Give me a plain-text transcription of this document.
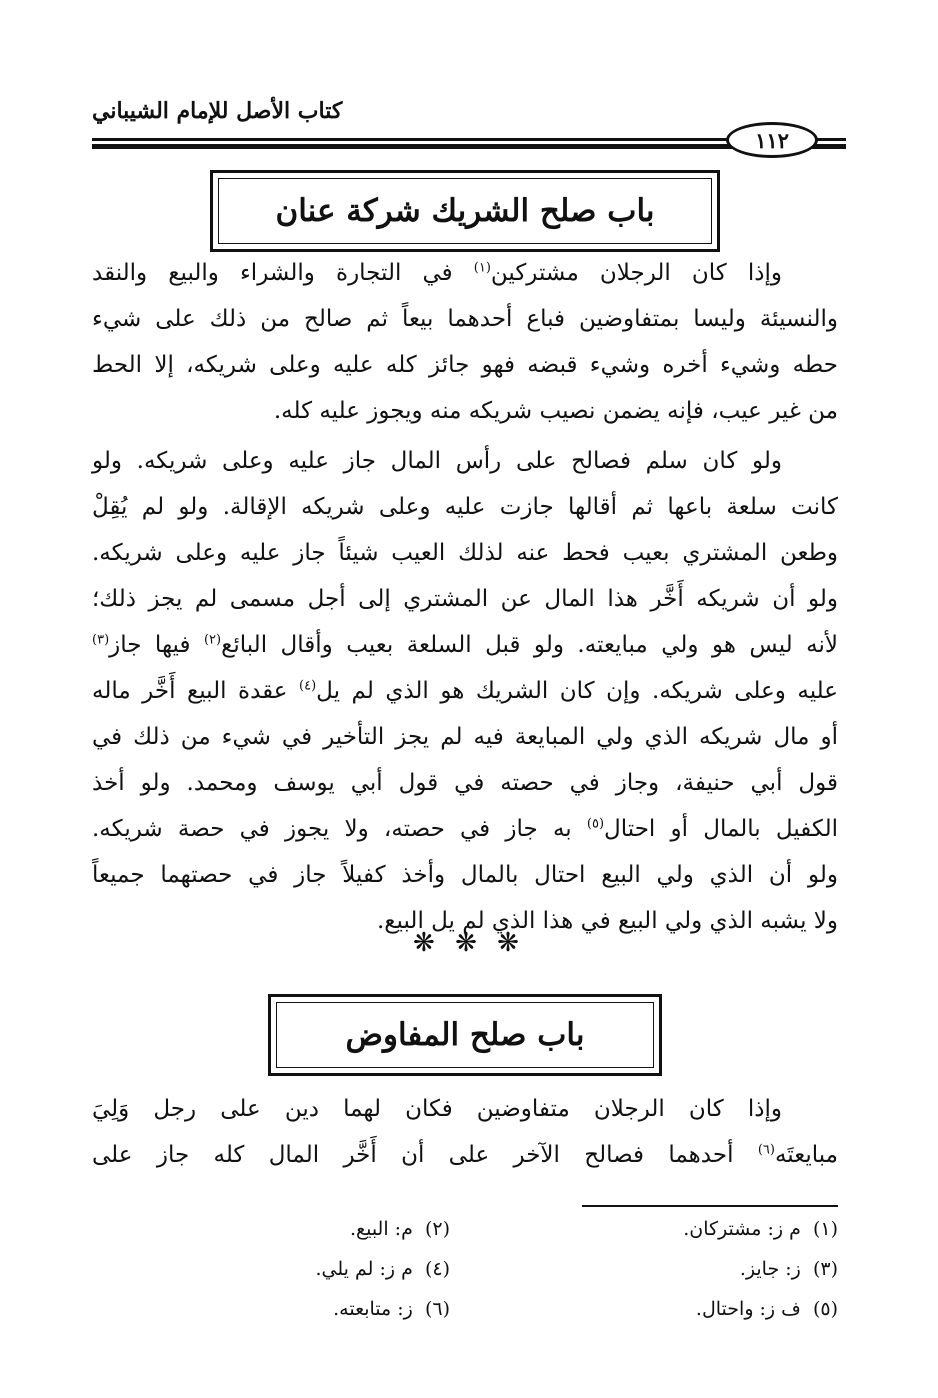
كتاب الأصل للإمام الشيباني
١١٢
باب صلح الشريك شركة عنان
وإذا كان الرجلان مشتركين$^{(١)}$ في التجارة والشراء والبيع والنقد
والنسيئة وليسا بمتفاوضين فباع أحدهما بيعاً ثم صالح من ذلك على شيء
حطه وشيء أخره وشيء قبضه فهو جائز كله عليه وعلى شريكه، إلا الحط
من غير عيب، فإنه يضمن نصيب شريكه منه ويجوز عليه كله.
ولو كان سلم فصالح على رأس المال جاز عليه وعلى شريكه. ولو
كانت سلعة باعها ثم أقالها جازت عليه وعلى شريكه الإقالة. ولو لم يُقِلْ
وطعن المشتري بعيب فحط عنه لذلك العيب شيئاً جاز عليه وعلى شريكه.
ولو أن شريكه أَخَّر هذا المال عن المشتري إلى أجل مسمى لم يجز ذلك؛
لأنه ليس هو ولي مبايعته. ولو قبل السلعة بعيب وأقال البائع$^{(٢)}$ فيها جاز$^{(٣)}$
عليه وعلى شريكه. وإن كان الشريك هو الذي لم يل$^{(٤)}$ عقدة البيع أَخَّر ماله
أو مال شريكه الذي ولي المبايعة فيه لم يجز التأخير في شيء من ذلك في
قول أبي حنيفة، وجاز في حصته في قول أبي يوسف ومحمد. ولو أخذ
الكفيل بالمال أو احتال$^{(٥)}$ به جاز في حصته، ولا يجوز في حصة شريكه.
ولو أن الذي ولي البيع احتال بالمال وأخذ كفيلاً جاز في حصتهما جميعاً
ولا يشبه الذي ولي البيع في هذا الذي لم يل البيع.
❋ ❋ ❋
باب صلح المفاوض
وإذا كان الرجلان متفاوضين فكان لهما دين على رجل وَلِيَ
مبايعتَه$^{(٦)}$ أحدهما فصالح الآخر على أن أَخَّر المال كله جاز على
(١)  م ز: مشتركان.
(٢)  م: البيع.
(٣)  ز: جايز.
(٤)  م ز: لم يلي.
(٥)  ف ز: واحتال.
(٦)  ز: متابعته.
